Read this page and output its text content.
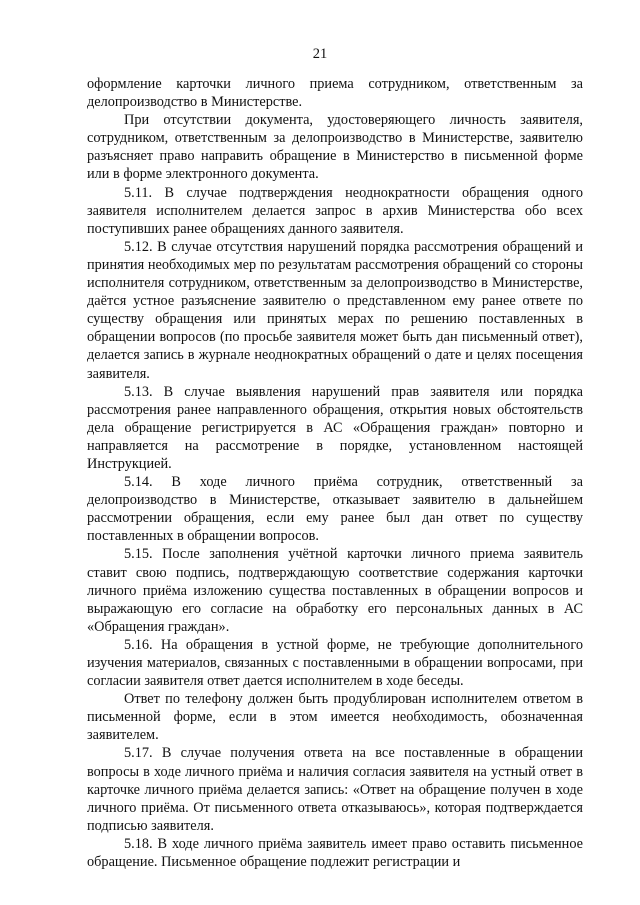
21

оформление карточки личного приема сотрудником, ответственным за делопроизводство в Министерстве.

При отсутствии документа, удостоверяющего личность заявителя, сотрудником, ответственным за делопроизводство в Министерстве, заявителю разъясняет право направить обращение в Министерство в письменной форме или в форме электронного документа.

5.11. В случае подтверждения неоднократности обращения одного заявителя исполнителем делается запрос в архив Министерства обо всех поступивших ранее обращениях данного заявителя.

5.12. В случае отсутствия нарушений порядка рассмотрения обращений и принятия необходимых мер по результатам рассмотрения обращений со стороны исполнителя сотрудником, ответственным за делопроизводство в Министерстве, даётся устное разъяснение заявителю о представленном ему ранее ответе по существу обращения или принятых мерах по решению поставленных в обращении вопросов (по просьбе заявителя может быть дан письменный ответ), делается запись в журнале неоднократных обращений о дате и целях посещения заявителя.

5.13. В случае выявления нарушений прав заявителя или порядка рассмотрения ранее направленного обращения, открытия новых обстоятельств дела обращение регистрируется в АС «Обращения граждан» повторно и направляется на рассмотрение в порядке, установленном настоящей Инструкцией.

5.14. В ходе личного приёма сотрудник, ответственный за делопроизводство в Министерстве, отказывает заявителю в дальнейшем рассмотрении обращения, если ему ранее был дан ответ по существу поставленных в обращении вопросов.

5.15. После заполнения учётной карточки личного приема заявитель ставит свою подпись, подтверждающую соответствие содержания карточки личного приёма изложению существа поставленных в обращении вопросов и выражающую его согласие на обработку его персональных данных в АС «Обращения граждан».

5.16. На обращения в устной форме, не требующие дополнительного изучения материалов, связанных с поставленными в обращении вопросами, при согласии заявителя ответ дается исполнителем в ходе беседы.

Ответ по телефону должен быть продублирован исполнителем ответом в письменной форме, если в этом имеется необходимость, обозначенная заявителем.

5.17. В случае получения ответа на все поставленные в обращении вопросы в ходе личного приёма и наличия согласия заявителя на устный ответ в карточке личного приёма делается запись: «Ответ на обращение получен в ходе личного приёма. От письменного ответа отказываюсь», которая подтверждается подписью заявителя.

5.18. В ходе личного приёма заявитель имеет право оставить письменное обращение. Письменное обращение подлежит регистрации и
